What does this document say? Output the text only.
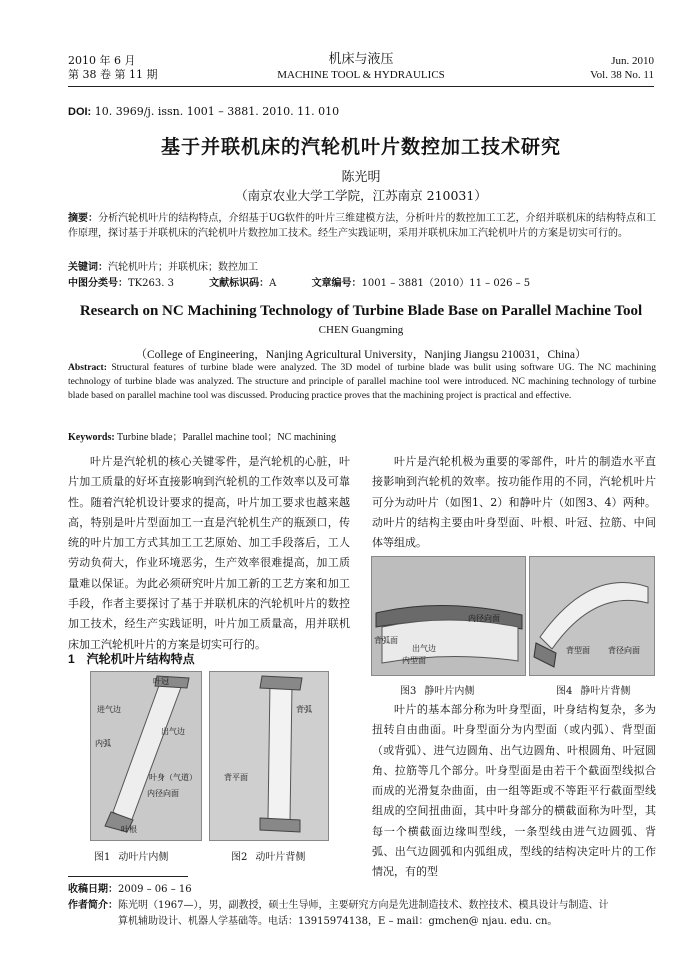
2010 年 6 月
第 38 卷 第 11 期
机床与液压
MACHINE TOOL & HYDRAULICS
Jun. 2010
Vol. 38 No. 11
DOI: 10. 3969/j. issn. 1001 – 3881. 2010. 11. 010
基于并联机床的汽轮机叶片数控加工技术研究
陈光明
（南京农业大学工学院，江苏南京 210031）
摘要：分析汽轮机叶片的结构特点，介绍基于UG软件的叶片三维建模方法，分析叶片的数控加工工艺，介绍并联机床的结构特点和工作原理，探讨基于并联机床的汽轮机叶片数控加工技术。经生产实践证明，采用并联机床加工汽轮机叶片的方案是切实可行的。
关键词：汽轮机叶片；并联机床；数控加工
中图分类号：TK263. 3	文献标识码：A	文章编号：1001 – 3881（2010）11 – 026 – 5
Research on NC Machining Technology of Turbine Blade Base on Parallel Machine Tool
CHEN Guangming
（College of Engineering，Nanjing Agricultural University，Nanjing Jiangsu 210031，China）
Abstract: Structural features of turbine blade were analyzed. The 3D model of turbine blade was bulit using software UG. The NC machining technology of turbine blade was analyzed. The structure and principle of parallel machine tool were introduced. NC machining technology of turbine blade based on parallel machine tool was discussed. Producing practice proves that the machining project is practical and effective.
Keywords: Turbine blade；Parallel machine tool；NC machining

叶片是汽轮机的核心关键零件，是汽轮机的心脏，叶片加工质量的好坏直接影响到汽轮机的工作效率以及可靠性。随着汽轮机设计要求的提高，叶片加工要求也越来越高，特别是叶片型面加工一直是汽轮机生产的瓶颈口，传统的叶片加工方式其加工工艺原始、加工手段落后，工人劳动负荷大，作业环境恶劣，生产效率很难提高，加工质量难以保证。为此必须研究叶片加工新的工艺方案和加工手段，作者主要探讨了基于并联机床的汽轮机叶片的数控加工技术，经生产实践证明，叶片加工质量高，用并联机床加工汽轮机叶片的方案是切实可行的。

1　汽轮机叶片结构特点
叶冠
进气边
出气边
内弧
叶身（气道）
内径向面
叶根
图1 动叶片内侧
背弧
背平面
图2 动叶片背侧

叶片是汽轮机极为重要的零部件，叶片的制造水平直接影响到汽轮机的效率。按功能作用的不同，汽轮机叶片可分为动叶片（如图1、2）和静叶片（如图3、4）两种。动叶片的结构主要由叶身型面、叶根、叶冠、拉筋、中间体等组成。

内径向面
背弧面
出气边
内型面
图3 静叶片内侧
背型面 背径向面
图4 静叶片背侧

叶片的基本部分称为叶身型面，叶身结构复杂，多为扭转自由曲面。叶身型面分为内型面（或内弧）、背型面（或背弧）、进气边圆角、出气边圆角、叶根圆角、叶冠圆角、拉筋等几个部分。叶身型面是由若干个截面型线拟合而成的光滑复杂曲面，由一组等距或不等距平行截面型线组成的空间扭曲面，其中叶身部分的横截面称为叶型，其每一个横截面边缘叫型线，一条型线由进气边圆弧、背弧、出气边圆弧和内弧组成，型线的结构决定叶片的工作情况，有的型

收稿日期：2009 – 06 – 16
作者简介：陈光明（1967—），男，副教授，硕士生导师，主要研究方向是先进制造技术、数控技术、模具设计与制造、计
算机辅助设计、机器人学基础等。电话：13915974138，E – mail：gmchen@ njau. edu. cn。
